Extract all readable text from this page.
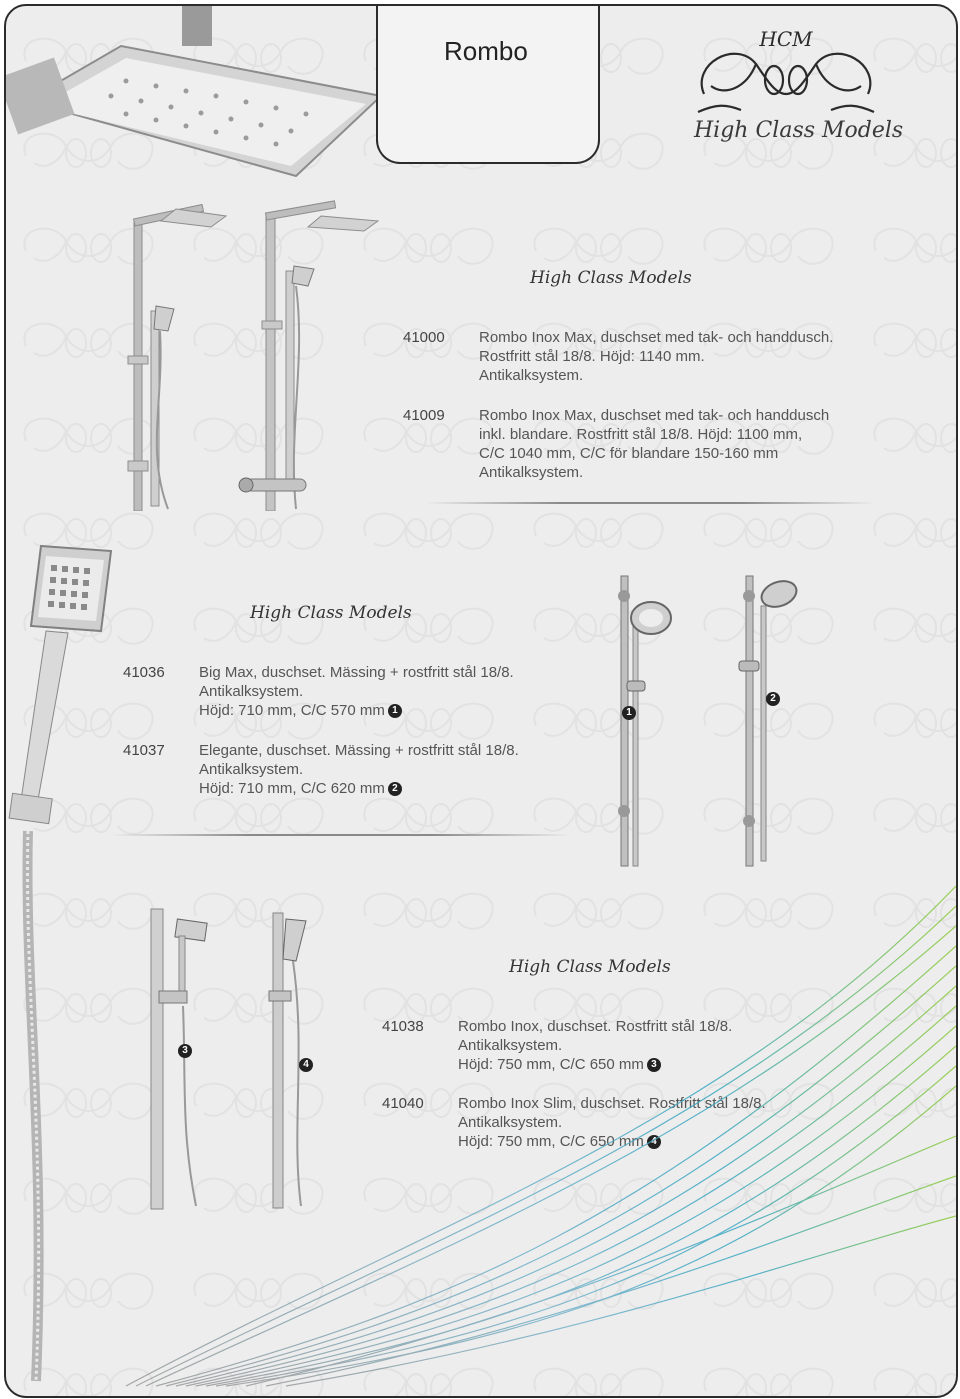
Rombo	HCM
High Class Models
High Class Models
41000 Rombo Inox Max, duschset med tak- och handdusch.
Rostfritt stål 18/8. Höjd: 1140 mm.
Antikalksystem.
41009 Rombo Inox Max, duschset med tak- och handdusch
inkl. blandare. Rostfritt stål 18/8. Höjd: 1100 mm,
C/C 1040 mm, C/C för blandare 150-160 mm
Antikalksystem.
High Class Models
41036 Big Max, duschset. Mässing + rostfritt stål 18/8.
Antikalksystem.
Höjd: 710 mm, C/C 570 mm 1
41037 Elegante, duschset. Mässing + rostfritt stål 18/8.
Antikalksystem.
Höjd: 710 mm, C/C 620 mm 2
1
2
3
4
High Class Models
41038 Rombo Inox, duschset. Rostfritt stål 18/8.
Antikalksystem.
Höjd: 750 mm, C/C 650 mm 3
41040 Rombo Inox Slim, duschset. Rostfritt stål 18/8.
Antikalksystem.
Höjd: 750 mm, C/C 650 mm 4
